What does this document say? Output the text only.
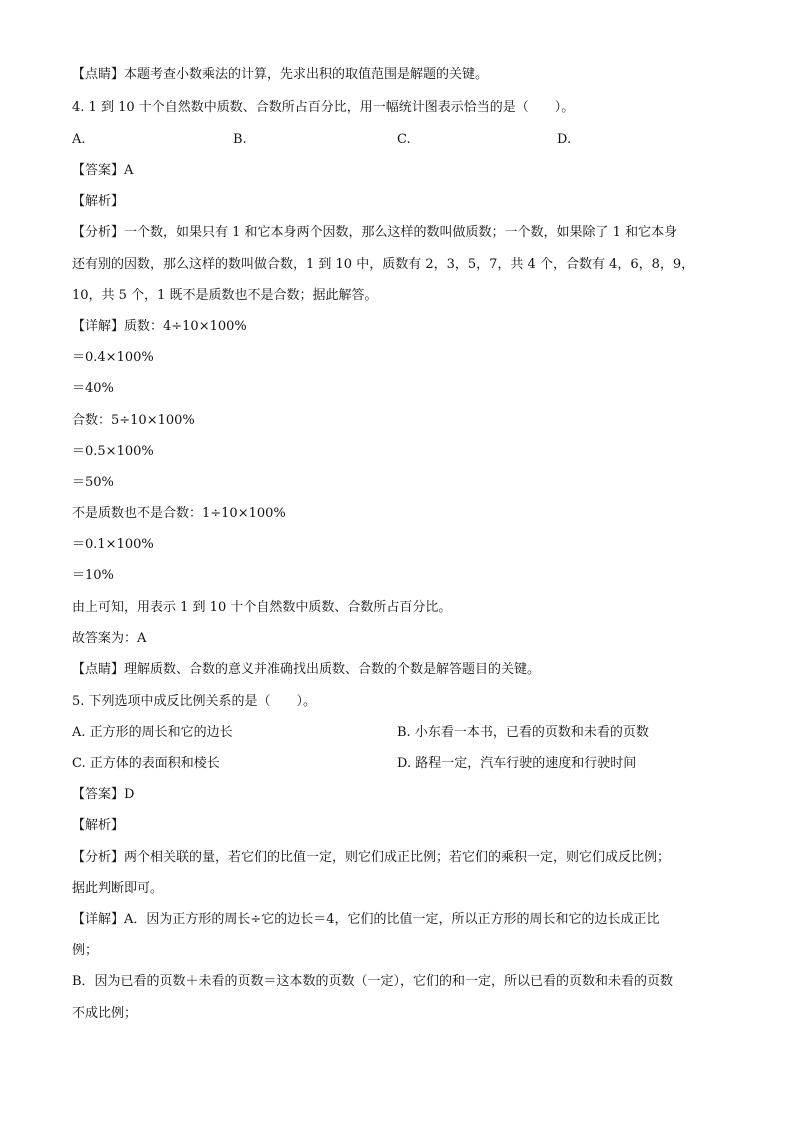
【点睛】本题考查小数乘法的计算，先求出积的取值范围是解题的关键。
4. 1 到 10 十个自然数中质数、合数所占百分比，用一幅统计图表示恰当的是（　　）。
A.	B.	C.	D.
【答案】A
【解析】
【分析】一个数，如果只有 1 和它本身两个因数，那么这样的数叫做质数；一个数，如果除了 1 和它本身
还有别的因数，那么这样的数叫做合数，1 到 10 中，质数有 2，3，5，7，共 4 个，合数有 4，6，8，9，
10，共 5 个，1 既不是质数也不是合数；据此解答。
【详解】质数：4÷10×100%
＝0.4×100%
＝40%
合数：5÷10×100%
＝0.5×100%
＝50%
不是质数也不是合数：1÷10×100%
＝0.1×100%
＝10%
由上可知，用表示 1 到 10 十个自然数中质数、合数所占百分比。
故答案为：A
【点睛】理解质数、合数的意义并准确找出质数、合数的个数是解答题目的关键。
5. 下列选项中成反比例关系的是（　　）。
A. 正方形的周长和它的边长	B. 小东看一本书，已看的页数和未看的页数
C. 正方体的表面积和棱长	D. 路程一定，汽车行驶的速度和行驶时间
【答案】D
【解析】
【分析】两个相关联的量，若它们的比值一定，则它们成正比例；若它们的乘积一定，则它们成反比例；
据此判断即可。
【详解】A．因为正方形的周长÷它的边长＝4，它们的比值一定，所以正方形的周长和它的边长成正比
例；
B．因为已看的页数＋未看的页数＝这本数的页数（一定），它们的和一定，所以已看的页数和未看的页数
不成比例；
